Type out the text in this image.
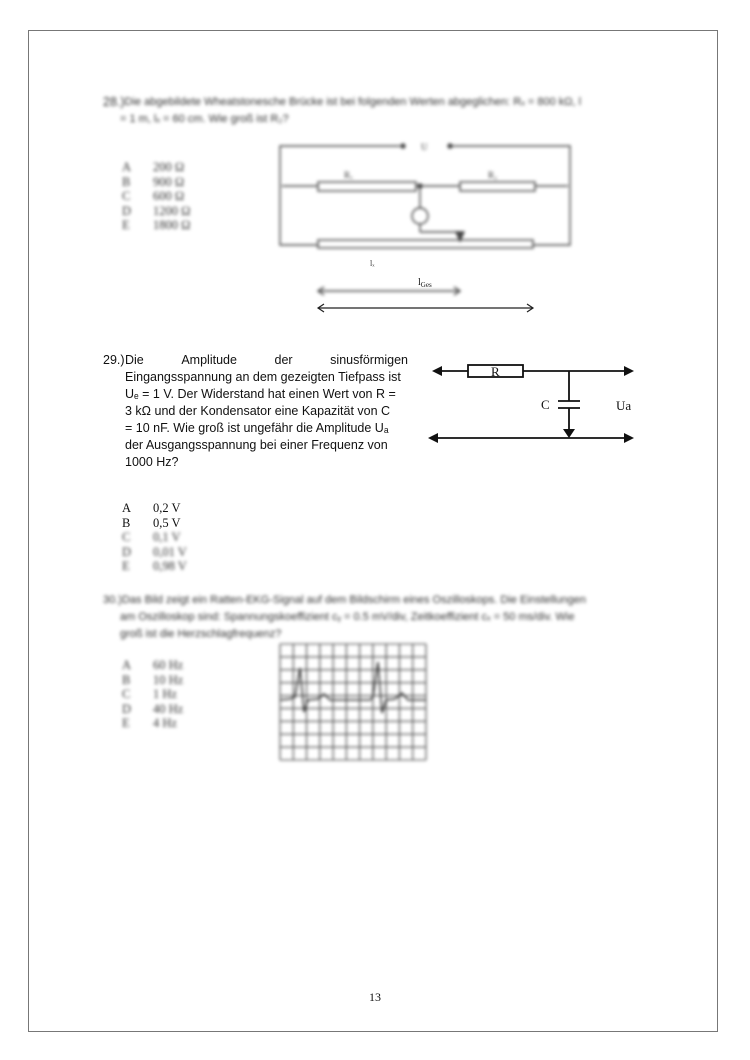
28.) Die abgebildete Wheatstonesche Brücke ist bei folgenden Werten abgeglichen: Rₓ = 800 kΩ, l
= 1 m, lₓ = 60 cm. Wie groß ist R₂?
A	200 Ω
B	900 Ω
C	600 Ω
D	1200 Ω
E	1800 Ω
U
Rₓ	R₂
lₓ
$l_{Ges}$
29.) Die	Amplitude	der	sinusförmigen
Eingangsspannung an dem gezeigten Tiefpass ist
Uₑ = 1 V. Der Widerstand hat einen Wert von R =
3 kΩ und der Kondensator eine Kapazität von C
= 10 nF. Wie groß ist ungefähr die Amplitude Uₐ
der Ausgangsspannung bei einer Frequenz von
1000 Hz?
R
C	Ua
A	0,2 V
B	0,5 V
C	0,1 V
D	0,01 V
E	0,98 V
30.) Das Bild zeigt ein Ratten-EKG-Signal auf dem Bildschirm eines Oszilloskops. Die Einstellungen
am Oszilloskop sind: Spannungskoeffizient cᵧ = 0.5 mV/div, Zeitkoeffizient cₓ = 50 ms/div. Wie
groß ist die Herzschlagfrequenz?
A	60 Hz
B	10 Hz
C	1 Hz
D	40 Hz
E	4 Hz
13
